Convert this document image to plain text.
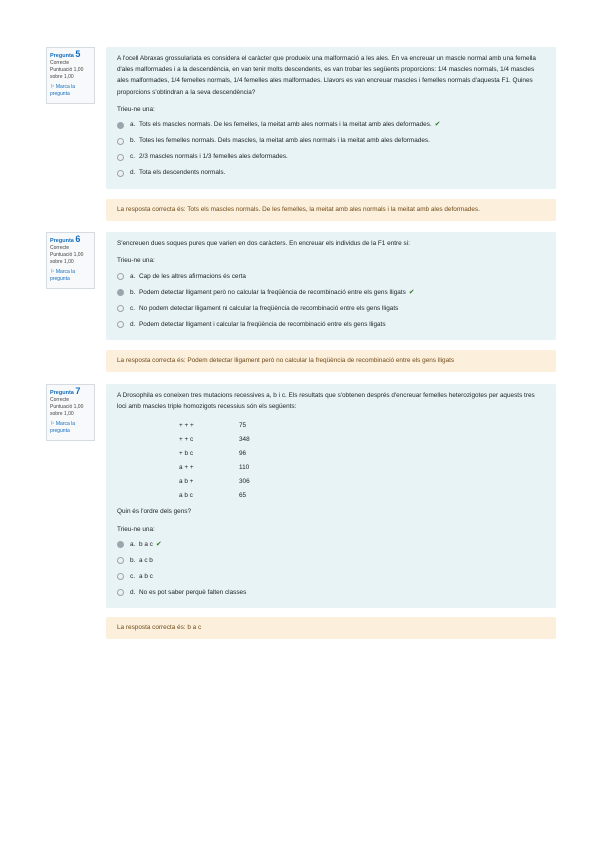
Pregunta 5
Correcte
Puntuació 1,00 sobre 1,00
⚐ Marca la pregunta

A l'ocell Abraxas grossulariata es considera el caràcter que produeix una malformació a les ales. En va encreuar un mascle normal amb una femella d'ales malformades i a la descendència, en van tenir molts descendents, es van trobar les següents proporcions: 1/4 mascles normals, 1/4 mascles ales malformades, 1/4 femelles normals, 1/4 femelles ales malformades. Llavors es van encreuar mascles i femelles normals d'aquesta F1. Quines proporcions s'obtindran a la seva descendència?

Trieu-ne una:

a. Tots els mascles normals. De les femelles, la meitat amb ales normals i la meitat amb ales deformades. ✔
b. Totes les femelles normals. Dels mascles, la meitat amb ales normals i la meitat amb ales deformades.
c. 2/3 mascles normals i 1/3 femelles ales deformades.
d. Tota els descendents normals.
La resposta correcta és: Tots els mascles normals. De les femelles, la meitat amb ales normals i la meitat amb ales deformades.
Pregunta 6
Correcte
Puntuació 1,00 sobre 1,00
⚐ Marca la pregunta

S'encreuen dues soques pures que varien en dos caràcters. En encreuar els individus de la F1 entre si:

Trieu-ne una:

a. Cap de les altres afirmacions és certa
b. Podem detectar lligament però no calcular la freqüència de recombinació entre els gens lligats ✔
c. No podem detectar lligament ni calcular la freqüència de recombinació entre els gens lligats
d. Podem detectar lligament i calcular la freqüència de recombinació entre els gens lligats
La resposta correcta és: Podem detectar lligament però no calcular la freqüència de recombinació entre els gens lligats
Pregunta 7
Correcte
Puntuació 1,00 sobre 1,00
⚐ Marca la pregunta

A Drosophila es coneixen tres mutacions recessives a, b i c. Els resultats que s'obtenen després d'encreuar femelles heterozigotes per aquests tres loci amb mascles triple homozigots recessius són els següents:

+ + +	75
+ + c	348
+ b c	96
a + +	110
a b +	306
a b c	65

Quin és l'ordre dels gens?

Trieu-ne una:

a. b a c ✔
b. a c b
c. a b c
d. No es pot saber perquè falten classes
La resposta correcta és: b a c
